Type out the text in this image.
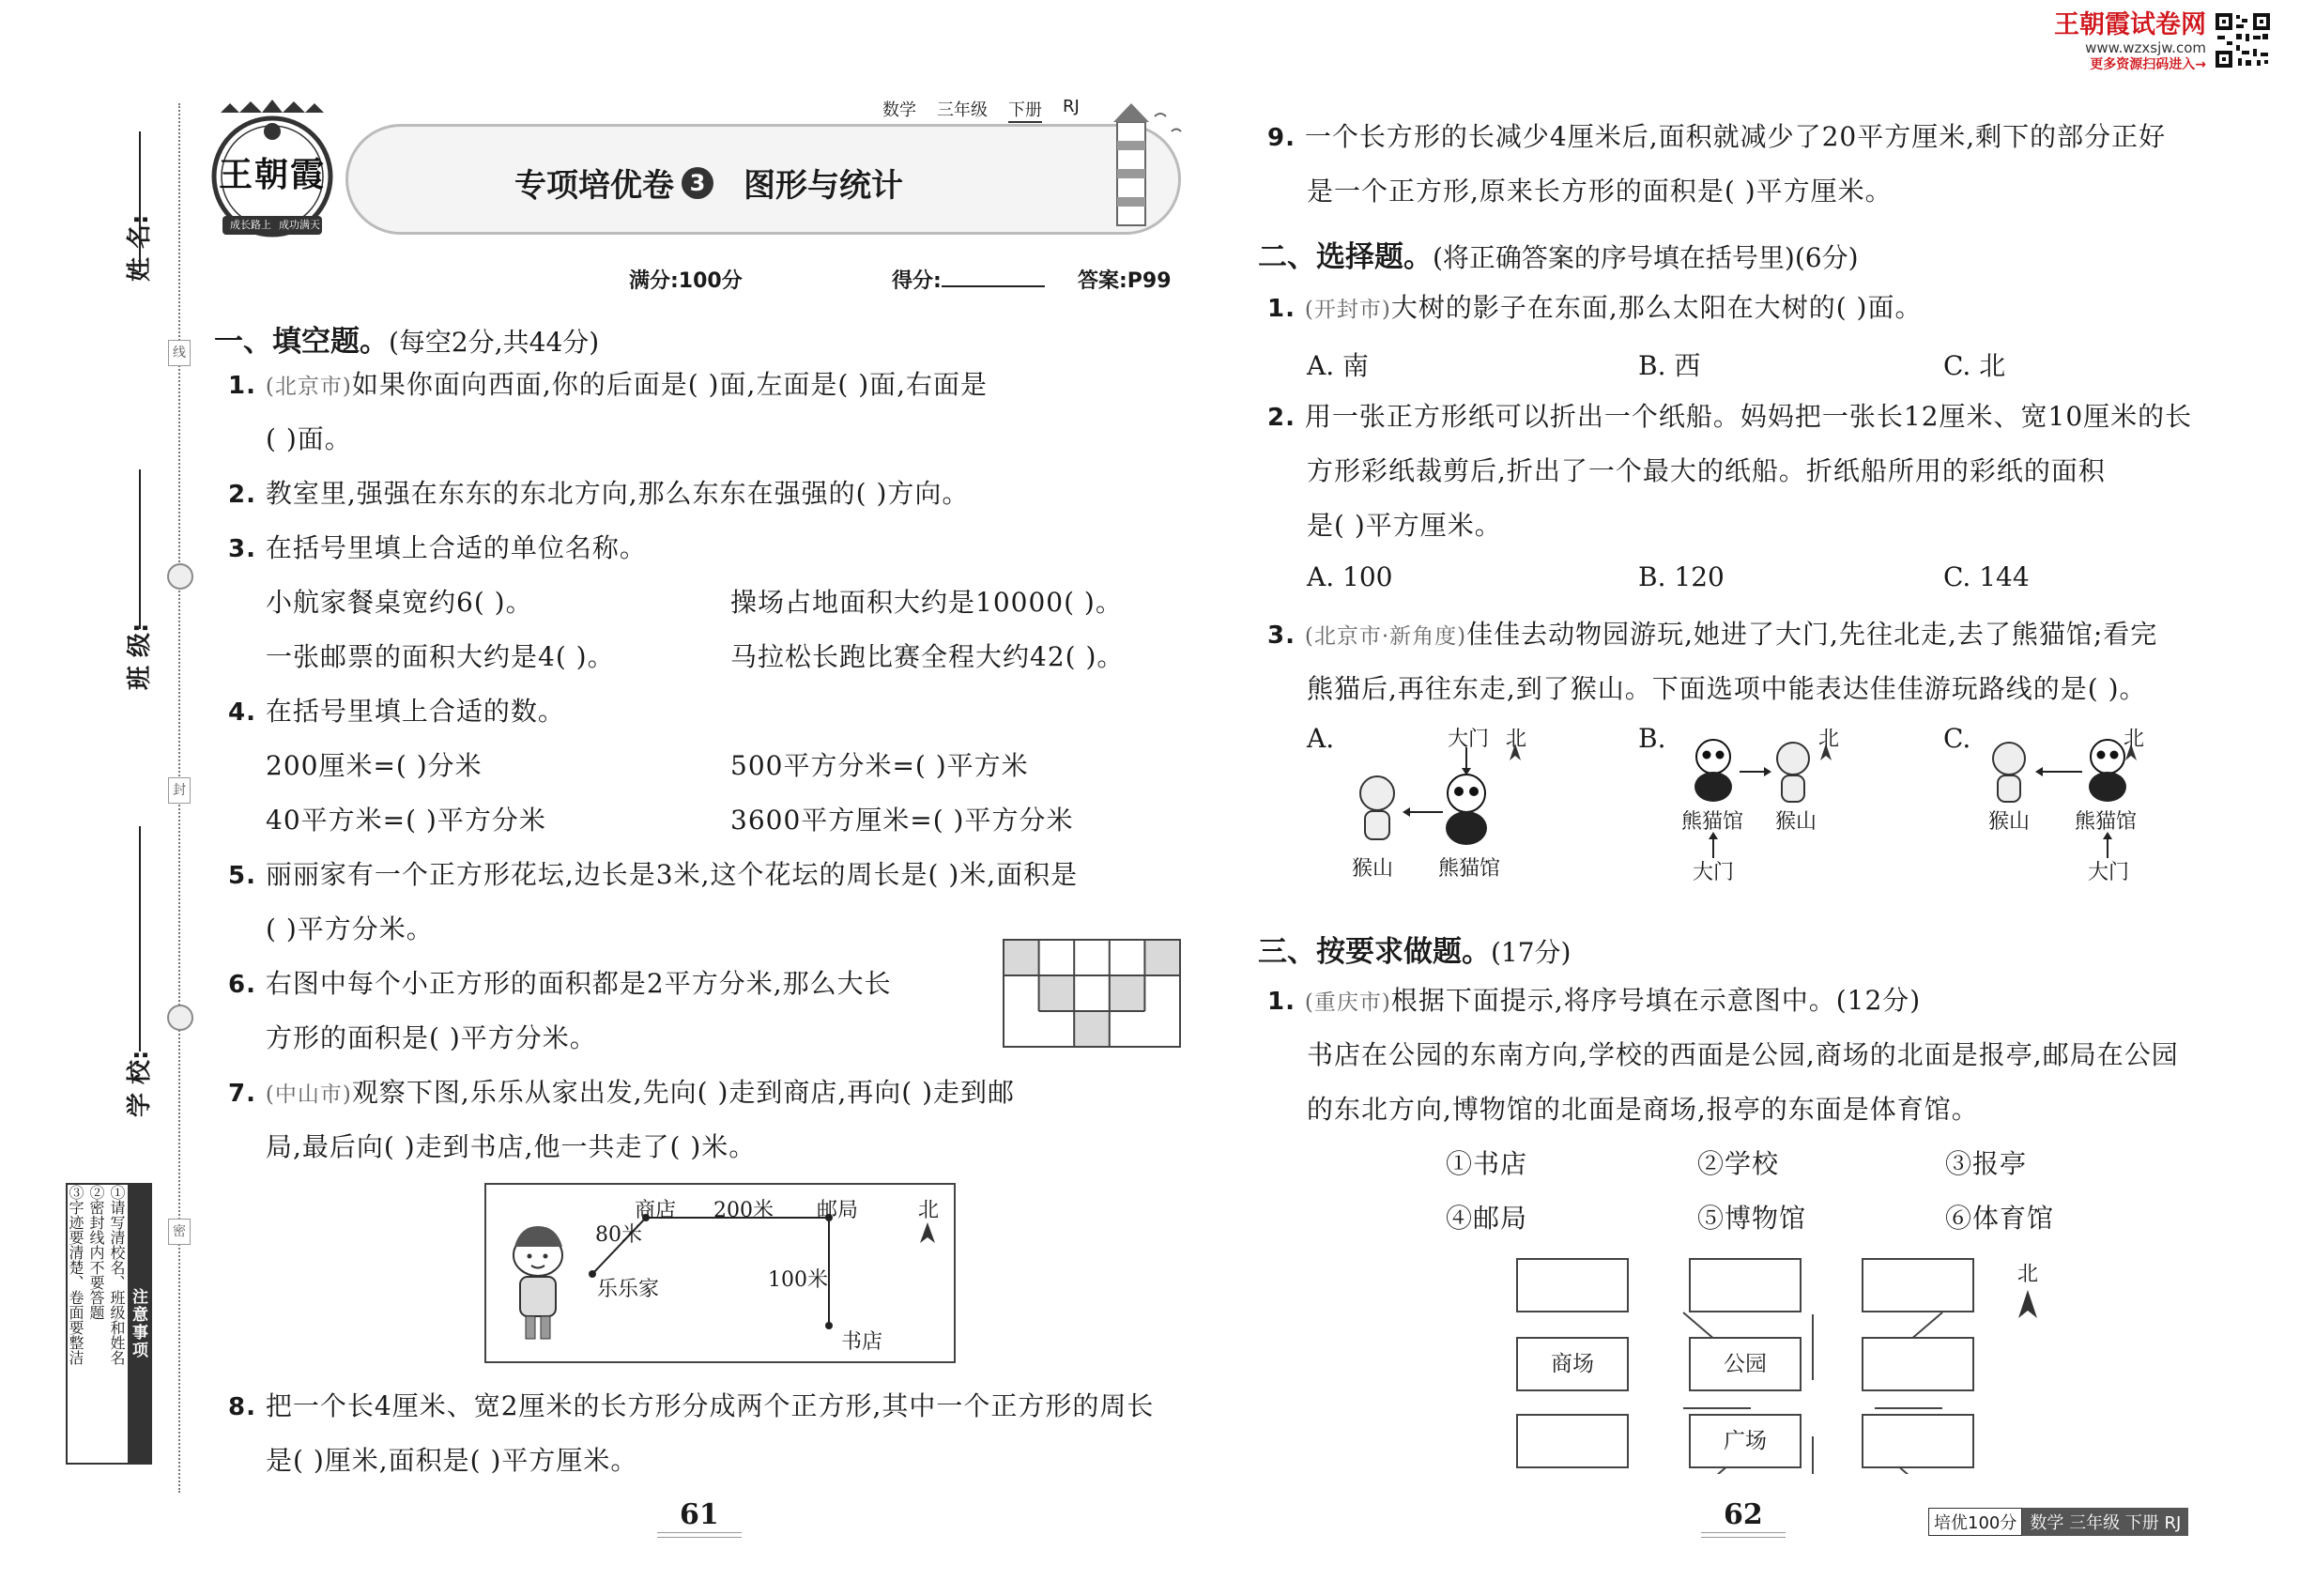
王朝霞试卷网
www.wzxsjw.com
更多资源扫码进入→
线
封
密
姓 名:
班 级:
学 校:
注意事项
①请写清校名、班级和姓名
②密封线内不要答题
③字迹要清楚、卷面要整洁
王朝霞
成长路上 成功满天
数学 三年级 下册 RJ
专项培优卷 3 图形与统计
满分:100分	得分:	答案:P99
一、填空题。(每空2分,共44分)
1. (北京市)如果你面向西面,你的后面是( )面,左面是( )面,右面是
( )面。
2. 教室里,强强在东东的东北方向,那么东东在强强的( )方向。
3. 在括号里填上合适的单位名称。
小航家餐桌宽约6( )。	操场占地面积大约是10000( )。
一张邮票的面积大约是4( )。	马拉松长跑比赛全程大约42( )。
4. 在括号里填上合适的数。
200厘米=( )分米	500平方分米=( )平方米
40平方米=( )平方分米	3600平方厘米=( )平方分米
5. 丽丽家有一个正方形花坛,边长是3米,这个花坛的周长是( )米,面积是
( )平方分米。
6. 右图中每个小正方形的面积都是2平方分米,那么大长
方形的面积是( )平方分米。
7. (中山市)观察下图,乐乐从家出发,先向( )走到商店,再向( )走到邮
局,最后向( )走到书店,他一共走了( )米。
商店	邮局
乐乐家
书店
80米
200米
100米
北
8. 把一个长4厘米、宽2厘米的长方形分成两个正方形,其中一个正方形的周长
是( )厘米,面积是( )平方厘米。
61
9. 一个长方形的长减少4厘米后,面积就减少了20平方厘米,剩下的部分正好
是一个正方形,原来长方形的面积是( )平方厘米。
二、选择题。(将正确答案的序号填在括号里)(6分)
1. (开封市)大树的影子在东面,那么太阳在大树的( )面。
A. 南	B. 西	C. 北
2. 用一张正方形纸可以折出一个纸船。妈妈把一张长12厘米、宽10厘米的长
方形彩纸裁剪后,折出了一个最大的纸船。折纸船所用的彩纸的面积
是( )平方厘米。
A. 100	B. 120	C. 144
3. (北京市·新角度)佳佳去动物园游玩,她进了大门,先往北走,去了熊猫馆;看完
熊猫后,再往东走,到了猴山。下面选项中能表达佳佳游玩路线的是( )。
A.	大门 北
猴山 熊猫馆
B.	北
熊猫馆 猴山
大门
C.	北
猴山 熊猫馆
大门
三、按要求做题。(17分)
1. (重庆市)根据下面提示,将序号填在示意图中。(12分)
书店在公园的东南方向,学校的西面是公园,商场的北面是报亭,邮局在公园
的东北方向,博物馆的北面是商场,报亭的东面是体育馆。
①书店	②学校	③报亭
④邮局	⑤博物馆	⑥体育馆
商场	公园
广场
北
62	培优100分 数学 三年级 下册 RJ
